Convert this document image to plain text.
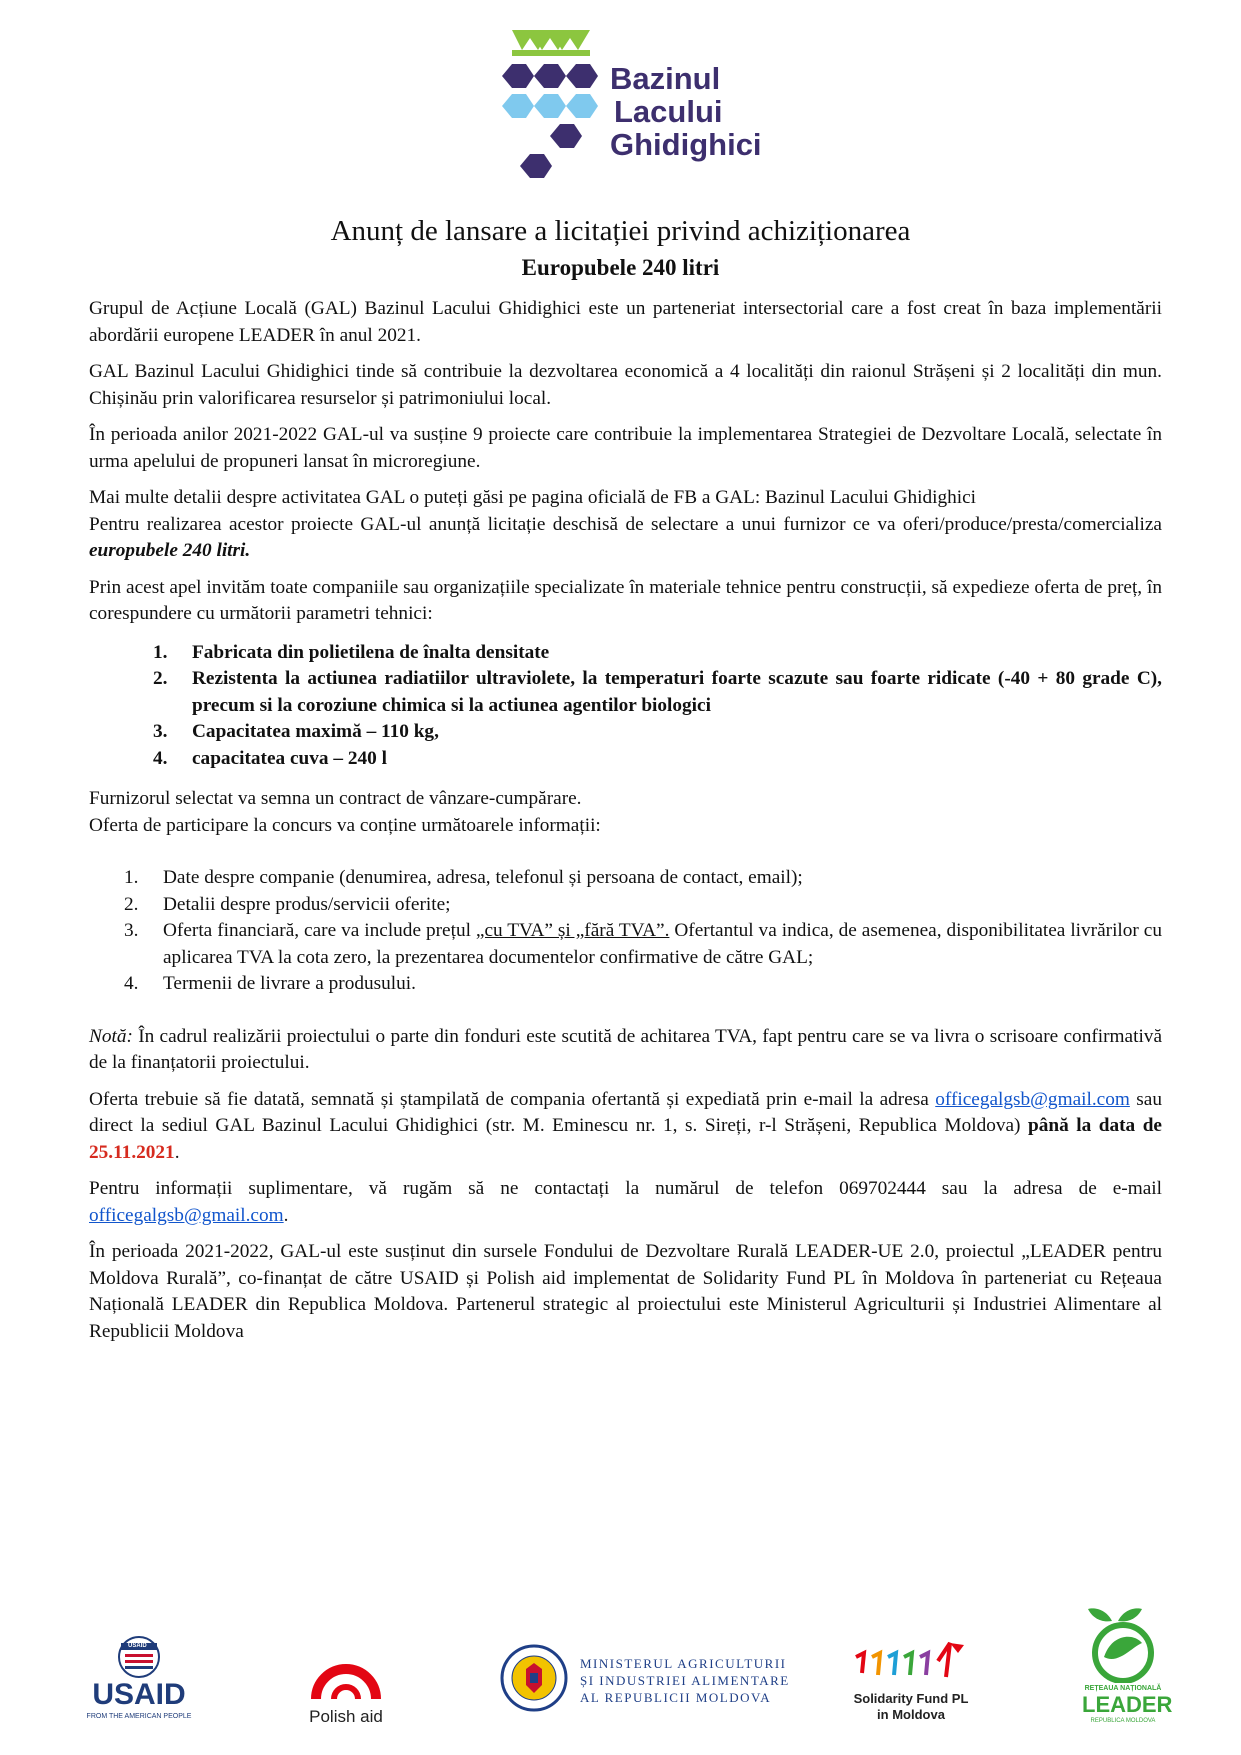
Bazinul
Lacului
Ghidighici
Anunț de lansare a licitației privind achiziționarea
Europubele 240 litri

Grupul de Acțiune Locală (GAL) Bazinul Lacului Ghidighici este un parteneriat intersectorial care a fost creat în baza implementării abordării europene LEADER în anul 2021.

GAL Bazinul Lacului Ghidighici tinde să contribuie la dezvoltarea economică a 4 localități din raionul Strășeni și 2 localități din mun. Chișinău prin valorificarea resurselor și patrimoniului local.

În perioada anilor 2021-2022 GAL-ul va susține 9 proiecte care contribuie la implementarea Strategiei de Dezvoltare Locală, selectate în urma apelului de propuneri lansat în microregiune.

Mai multe detalii despre activitatea GAL o puteți găsi pe pagina oficială de FB a GAL: Bazinul Lacului Ghidighici

Pentru realizarea acestor proiecte GAL-ul anunță licitație deschisă de selectare a unui furnizor ce va oferi/produce/presta/comercializa europubele 240 litri.

Prin acest apel invităm toate companiile sau organizațiile specializate în materiale tehnice pentru construcții, să expedieze oferta de preț, în corespundere cu următorii parametri tehnici:

1. Fabricata din polietilena de înalta densitate
2. Rezistenta la actiunea radiatiilor ultraviolete, la temperaturi foarte scazute sau foarte ridicate (-40 + 80 grade C), precum si la coroziune chimica si la actiunea agentilor biologici
3. Capacitatea maximă – 110 kg,
4. capacitatea cuva – 240 l

Furnizorul selectat va semna un contract de vânzare-cumpărare.

Oferta de participare la concurs va conține următoarele informații:

1. Date despre companie (denumirea, adresa, telefonul și persoana de contact, email);
2. Detalii despre produs/servicii oferite;
3. Oferta financiară, care va include prețul „cu TVA” și „fără TVA”. Ofertantul va indica, de asemenea, disponibilitatea livrărilor cu aplicarea TVA la cota zero, la prezentarea documentelor confirmative de către GAL;
4. Termenii de livrare a produsului.

Notă: În cadrul realizării proiectului o parte din fonduri este scutită de achitarea TVA, fapt pentru care se va livra o scrisoare confirmativă de la finanțatorii proiectului.

Oferta trebuie să fie datată, semnată și ștampilată de compania ofertantă și expediată prin e-mail la adresa officegalgsb@gmail.com sau direct la sediul GAL Bazinul Lacului Ghidighici (str. M. Eminescu nr. 1, s. Sireți, r-l Strășeni, Republica Moldova) până la data de 25.11.2021.

Pentru informații suplimentare, vă rugăm să ne contactați la numărul de telefon 069702444 sau la adresa de e-mail officegalgsb@gmail.com.

În perioada 2021-2022, GAL-ul este susținut din sursele Fondului de Dezvoltare Rurală LEADER-UE 2.0, proiectul „LEADER pentru Moldova Rurală”, co-finanțat de către USAID și Polish aid implementat de Solidarity Fund PL în Moldova în parteneriat cu Rețeaua Națională LEADER din Republica Moldova. Partenerul strategic al proiectului este Ministerul Agriculturii și Industriei Alimentare al Republicii Moldova

USAID
USAID
FROM THE AMERICAN PEOPLE	Polish aid
MINISTERUL AGRICULTURII
ȘI INDUSTRIEI ALIMENTARE
AL REPUBLICII MOLDOVA	Solidarity Fund PL
in Moldova
REȚEAUA NAȚIONALĂ
LEADER
REPUBLICA MOLDOVA
